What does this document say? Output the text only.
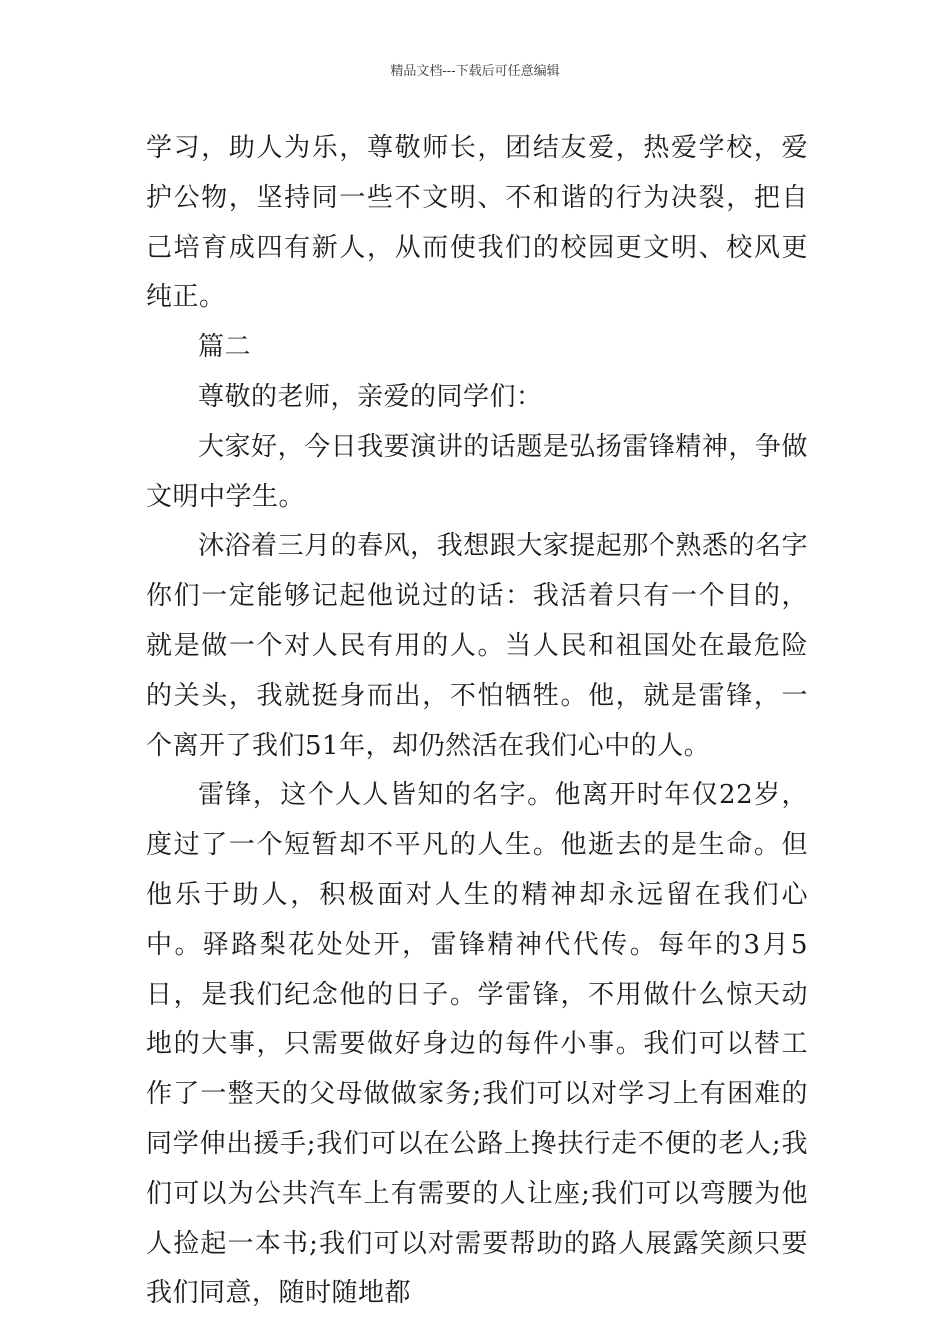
精品文档---下载后可任意编辑

学习，助人为乐，尊敬师长，团结友爱，热爱学校，爱护公物，坚持同一些不文明、不和谐的行为决裂，把自己培育成四有新人，从而使我们的校园更文明、校风更纯正。

篇二

尊敬的老师，亲爱的同学们：

大家好，今日我要演讲的话题是弘扬雷锋精神，争做文明中学生。

沐浴着三月的春风，我想跟大家提起那个熟悉的名字你们一定能够记起他说过的话：我活着只有一个目的，就是做一个对人民有用的人。当人民和祖国处在最危险的关头，我就挺身而出，不怕牺牲。他，就是雷锋，一个离开了我们51年，却仍然活在我们心中的人。

雷锋，这个人人皆知的名字。他离开时年仅22岁，度过了一个短暂却不平凡的人生。他逝去的是生命。但他乐于助人，积极面对人生的精神却永远留在我们心中。驿路梨花处处开，雷锋精神代代传。每年的3月5日，是我们纪念他的日子。学雷锋，不用做什么惊天动地的大事，只需要做好身边的每件小事。我们可以替工作了一整天的父母做做家务;我们可以对学习上有困难的同学伸出援手;我们可以在公路上搀扶行走不便的老人;我们可以为公共汽车上有需要的人让座;我们可以弯腰为他人捡起一本书;我们可以对需要帮助的路人展露笑颜只要我们同意，随时随地都
